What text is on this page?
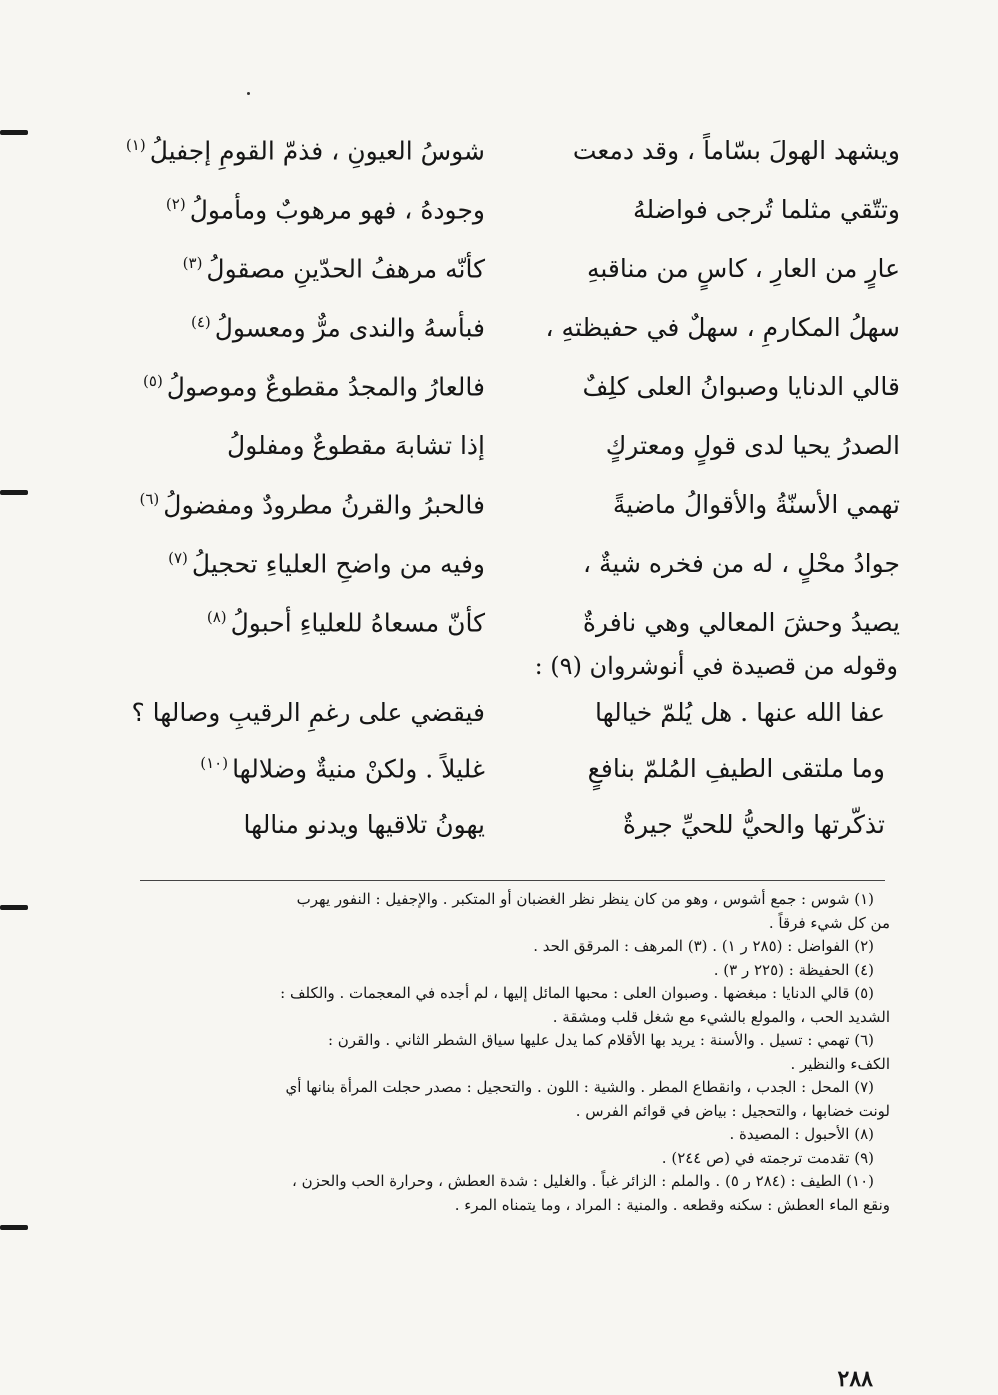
ويشهد الهولَ بسّاماً ، وقد دمعت
شوسُ العيونِ ، فذمّ القومِ إجفيلُ$^{(١)}$
وتتّقي مثلما تُرجى فواضلهُ
وجودهُ ، فهو مرهوبٌ ومأمولُ$^{(٢)}$
عارٍ من العارِ ، كاسٍ من مناقبهِ
كأنّه مرهفُ الحدّينِ مصقولُ$^{(٣)}$
سهلُ المكارمِ ، سهلٌ في حفيظتهِ ،
فبأسهُ والندى مرٌّ ومعسولُ$^{(٤)}$
قالي الدنايا وصبوانُ العلى كلِفٌ
فالعارُ والمجدُ مقطوعٌ وموصولُ$^{(٥)}$
الصدرُ يحيا لدى قولٍ ومعتركٍ
إذا تشابهَ مقطوعٌ ومفلولُ
تهمي الأسنّةُ والأقوالُ ماضيةً
فالحبرُ والقرنُ مطرودٌ ومفضولُ$^{(٦)}$
جوادُ محْلٍ ، له من فخره شيةٌ ،
وفيه من واضحِ العلياءِ تحجيلُ$^{(٧)}$
يصيدُ وحشَ المعالي وهي نافرةٌ
كأنّ مسعاهُ للعلياءِ أحبولُ$^{(٨)}$
وقوله من قصيدة في أنوشروان (٩) :
عفا الله عنها . هل يُلمّ خيالها
فيقضي على رغمِ الرقيبِ وصالها ؟
وما ملتقى الطيفِ المُلمّ بنافعٍ
غليلاً . ولكنْ منيةٌ وضلالها$^{(١٠)}$
تذكّرتها والحيُّ للحيِّ جيرةٌ
يهونُ تلاقيها ويدنو منالها
(١) شوس : جمع أشوس ، وهو من كان ينظر نظر الغضبان أو المتكبر . والإجفيل : النفور يهرب
من كل شيء فرقاً .
(٢) الفواضل : (٢٨٥ ر ١) . (٣) المرهف : المرقق الحد .
(٤) الحفيظة : (٢٢٥ ر ٣) .
(٥) قالي الدنايا : مبغضها . وصبوان العلى : محبها المائل إليها ، لم أجده في المعجمات . والكلف :
الشديد الحب ، والمولع بالشيء مع شغل قلب ومشقة .
(٦) تهمي : تسيل . والأسنة : يريد بها الأقلام كما يدل عليها سياق الشطر الثاني . والقرن :
الكفء والنظير .
(٧) المحل : الجدب ، وانقطاع المطر . والشية : اللون . والتحجيل : مصدر حجلت المرأة بنانها أي
لونت خضابها ، والتحجيل : بياض في قوائم الفرس .
(٨) الأحبول : المصيدة .
(٩) تقدمت ترجمته في (ص ٢٤٤) .
(١٠) الطيف : (٢٨٤ ر ٥) . والملم : الزائر غباً . والغليل : شدة العطش ، وحرارة الحب والحزن ،
ونقع الماء العطش : سكنه وقطعه . والمنية : المراد ، وما يتمناه المرء .
٢٨٨
